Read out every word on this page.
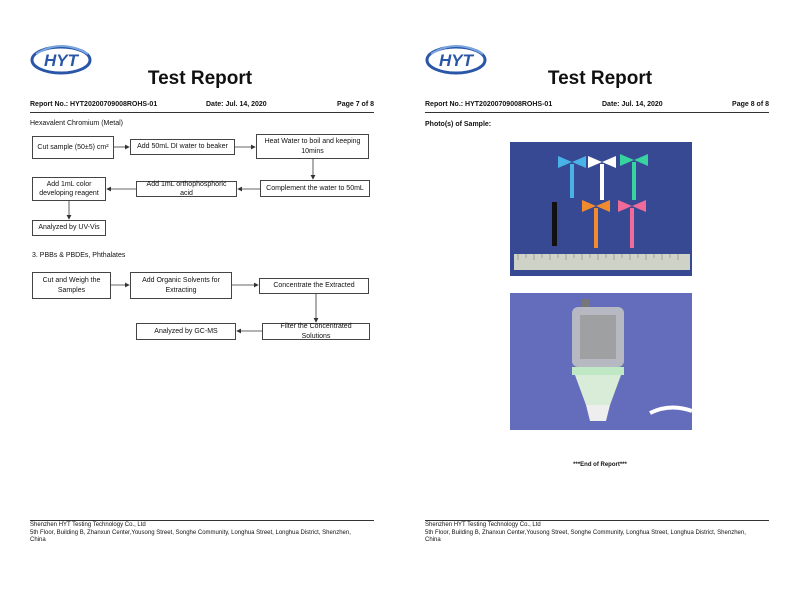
HYT
Test Report
Report No.: HYT20200709008ROHS-01	Date: Jul. 14, 2020	Page 7 of 8
Hexavalent Chromium (Metal)
Cut sample (50±5) cm²	Add 50mL DI water to beaker
Heat Water to boil and keeping 10mins
Complement the water to 50mL
Add 1mL orthophosphoric acid
Add 1mL color developing reagent
Analyzed by UV-Vis
3. PBBs & PBDEs, Phthalates
Cut and Weigh the Samples
Add Organic Solvents for Extracting
Concentrate the Extracted
Filter the Concentrated Solutions
Analyzed by GC-MS
Shenzhen HYT Testing Technology Co., Ltd
5th Floor, Building B, Zhanxun Center,Yousong Street, Songhe Community, Longhua Street, Longhua District, Shenzhen,
China
HYT
Test Report
Report No.: HYT20200709008ROHS-01	Date: Jul. 14, 2020	Page 8 of 8
Photo(s) of Sample:
***End of Report***
Shenzhen HYT Testing Technology Co., Ltd
5th Floor, Building B, Zhanxun Center,Yousong Street, Songhe Community, Longhua Street, Longhua District, Shenzhen,
China
